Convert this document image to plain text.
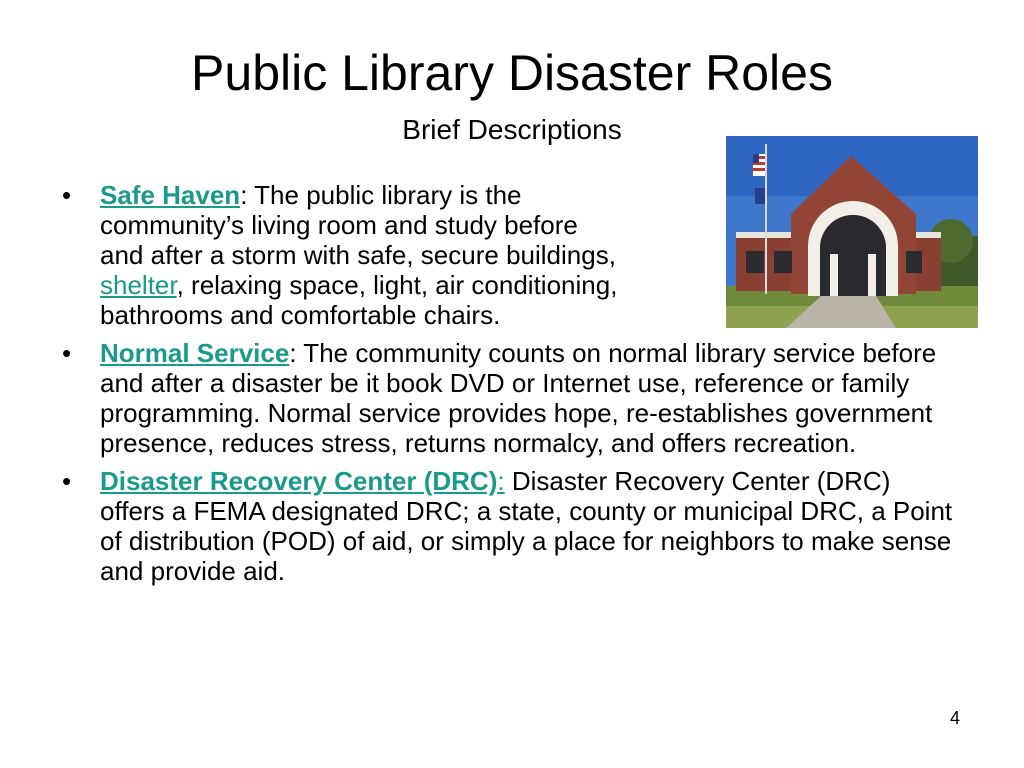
Public Library Disaster Roles
Brief Descriptions
• Safe Haven: The public library is the
community’s living room and study before
and after a storm with safe, secure buildings,
shelter, relaxing space, light, air conditioning,
bathrooms and comfortable chairs.
• Normal Service: The community counts on normal library service before and after a disaster be it book DVD or Internet use, reference or family programming. Normal service provides hope, re-establishes government presence, reduces stress, returns normalcy, and offers recreation.
• Disaster Recovery Center (DRC): Disaster Recovery Center (DRC) offers a FEMA designated DRC; a state, county or municipal DRC, a Point of distribution (POD) of aid, or simply a place for neighbors to make sense and provide aid.
4
